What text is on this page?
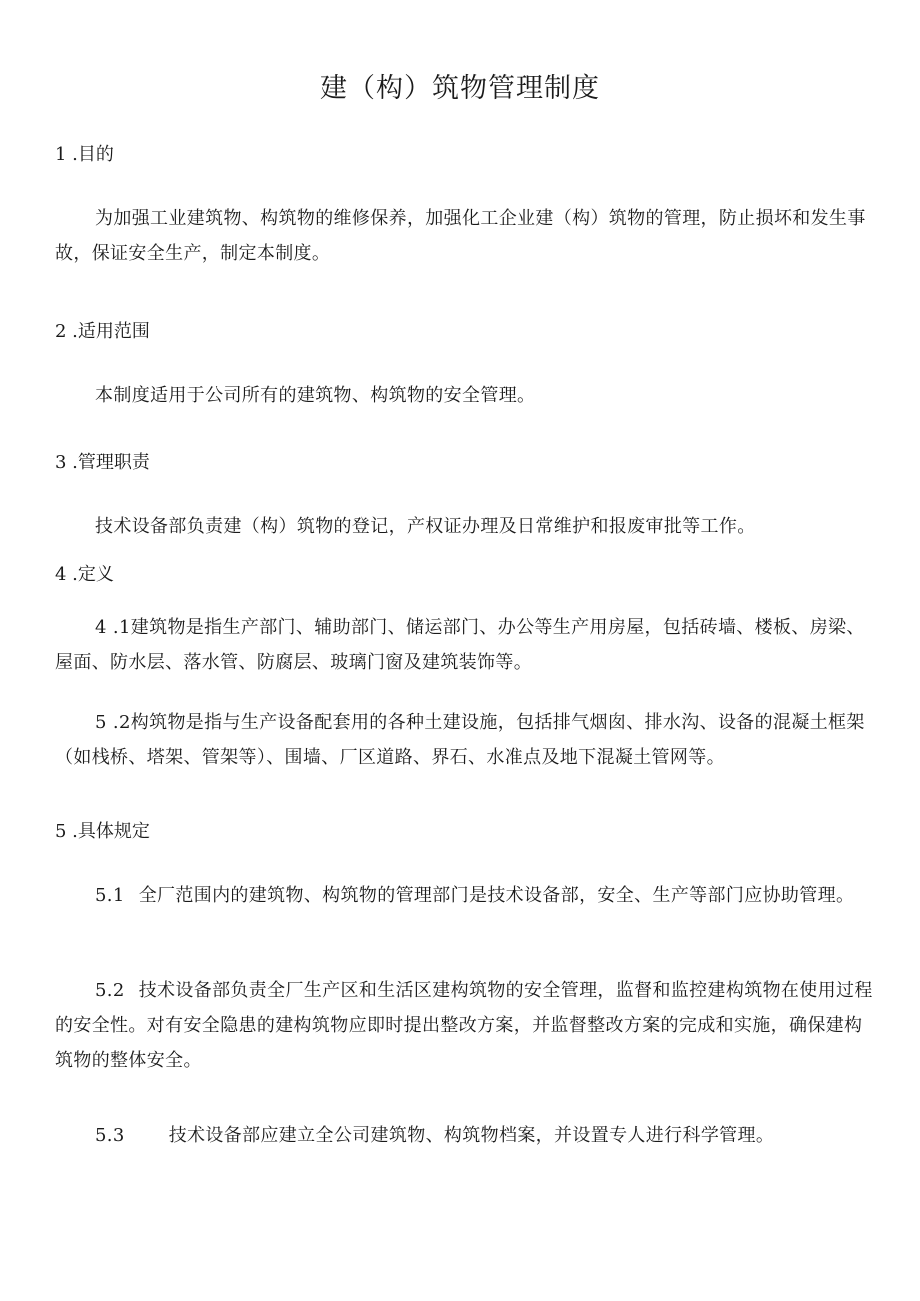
建（构）筑物管理制度
1 .目的
为加强工业建筑物、构筑物的维修保养，加强化工企业建（构）筑物的管理，防止损坏和发生事故，保证安全生产，制定本制度。
2 .适用范围
本制度适用于公司所有的建筑物、构筑物的安全管理。
3 .管理职责
技术设备部负责建（构）筑物的登记，产权证办理及日常维护和报废审批等工作。
4 .定义
4 .1建筑物是指生产部门、辅助部门、储运部门、办公等生产用房屋，包括砖墙、楼板、房梁、屋面、防水层、落水管、防腐层、玻璃门窗及建筑装饰等。
5 .2构筑物是指与生产设备配套用的各种土建设施，包括排气烟囱、排水沟、设备的混凝土框架（如栈桥、塔架、管架等）、围墙、厂区道路、界石、水准点及地下混凝土管网等。
5 .具体规定
5.1 全厂范围内的建筑物、构筑物的管理部门是技术设备部，安全、生产等部门应协助管理。
5.2 技术设备部负责全厂生产区和生活区建构筑物的安全管理，监督和监控建构筑物在使用过程的安全性。对有安全隐患的建构筑物应即时提出整改方案，并监督整改方案的完成和实施，确保建构筑物的整体安全。
5.3 技术设备部应建立全公司建筑物、构筑物档案，并设置专人进行科学管理。
